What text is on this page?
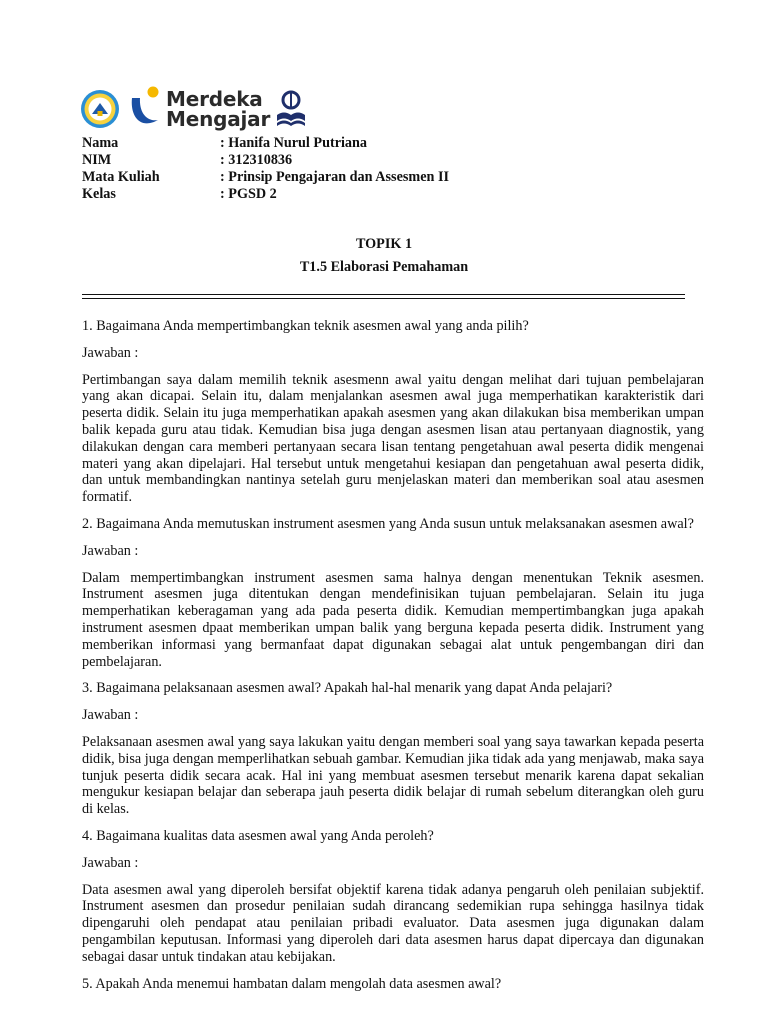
Merdeka
Mengajar
Nama	: Hanifa Nurul Putriana
NIM	: 312310836
Mata Kuliah	: Prinsip Pengajaran dan Assesmen II
Kelas	: PGSD 2
TOPIK 1
T1.5 Elaborasi Pemahaman

1. Bagaimana Anda mempertimbangkan teknik asesmen awal yang anda pilih?

Jawaban :

Pertimbangan saya dalam memilih teknik asesmenn awal yaitu dengan melihat dari tujuan pembelajaran yang akan dicapai. Selain itu, dalam menjalankan asesmen awal juga memperhatikan karakteristik dari peserta didik. Selain itu juga memperhatikan apakah asesmen yang akan dilakukan bisa memberikan umpan balik kepada guru atau tidak. Kemudian bisa juga dengan asesmen lisan atau pertanyaan diagnostik, yang dilakukan dengan cara memberi pertanyaan secara lisan tentang pengetahuan awal peserta didik mengenai materi yang akan dipelajari. Hal tersebut untuk mengetahui kesiapan dan pengetahuan awal peserta didik, dan untuk membandingkan nantinya setelah guru menjelaskan materi dan memberikan soal atau asesmen formatif.

2. Bagaimana Anda memutuskan instrument asesmen yang Anda susun untuk melaksanakan asesmen awal?

Jawaban :

Dalam mempertimbangkan instrument asesmen sama halnya dengan menentukan Teknik asesmen. Instrument asesmen juga ditentukan dengan mendefinisikan tujuan pembelajaran. Selain itu juga memperhatikan keberagaman yang ada pada peserta didik. Kemudian mempertimbangkan juga apakah instrument asesmen dpaat memberikan umpan balik yang berguna kepada peserta didik. Instrument yang memberikan informasi yang bermanfaat dapat digunakan sebagai alat untuk pengembangan diri dan pembelajaran.

3. Bagaimana pelaksanaan asesmen awal? Apakah hal-hal menarik yang dapat Anda pelajari?

Jawaban :

Pelaksanaan asesmen awal yang saya lakukan yaitu dengan memberi soal yang saya tawarkan kepada peserta didik, bisa juga dengan memperlihatkan sebuah gambar. Kemudian jika tidak ada yang menjawab, maka saya tunjuk peserta didik secara acak. Hal ini yang membuat asesmen tersebut menarik karena dapat sekalian mengukur kesiapan belajar dan seberapa jauh peserta didik belajar di rumah sebelum diterangkan oleh guru di kelas.

4. Bagaimana kualitas data asesmen awal yang Anda peroleh?

Jawaban :

Data asesmen awal yang diperoleh bersifat objektif karena tidak adanya pengaruh oleh penilaian subjektif. Instrument asesmen dan prosedur penilaian sudah dirancang sedemikian rupa sehingga hasilnya tidak dipengaruhi oleh pendapat atau penilaian pribadi evaluator. Data asesmen juga digunakan dalam pengambilan keputusan. Informasi yang diperoleh dari data asesmen harus dapat dipercaya dan digunakan sebagai dasar untuk tindakan atau kebijakan.

5. Apakah Anda menemui hambatan dalam mengolah data asesmen awal?
